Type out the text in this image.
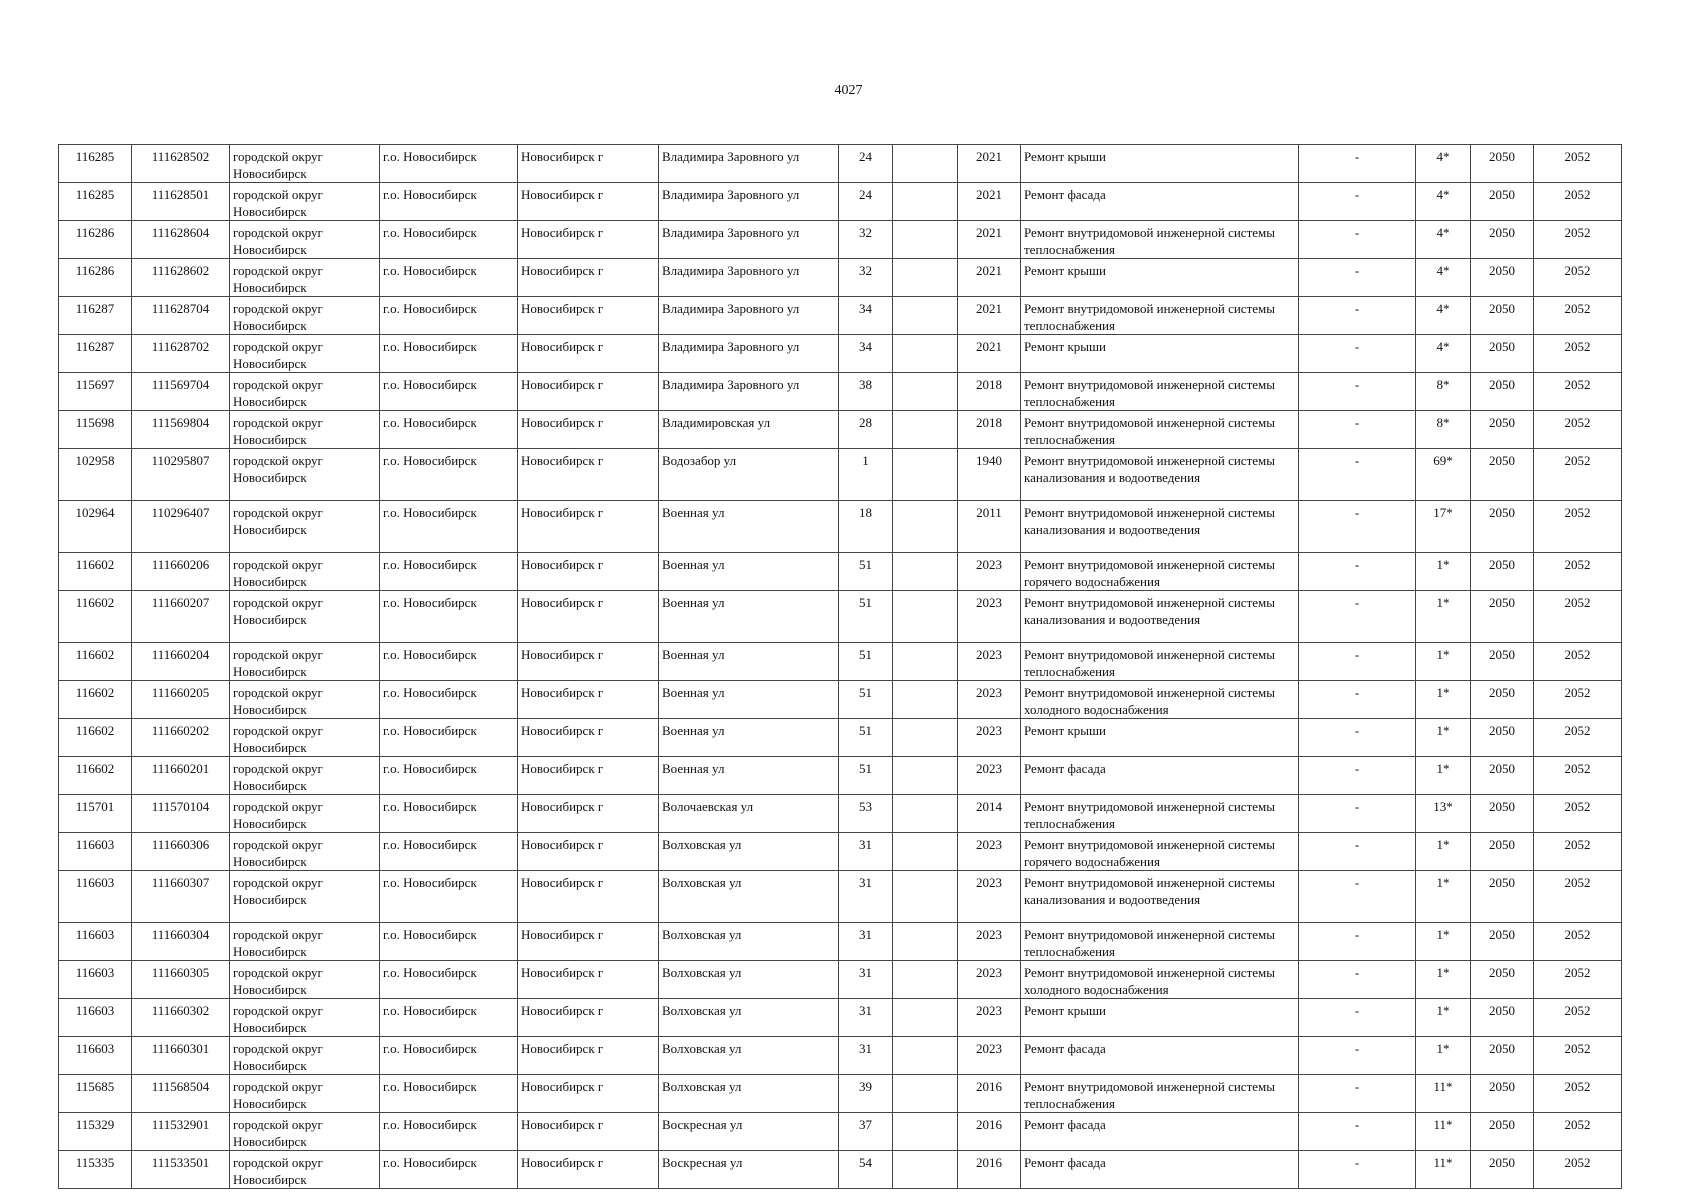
4027
116285	111628502	городской округ Новосибирск	г.о. Новосибирск	Новосибирск г	Владимира Заровного ул	24		2021	Ремонт крыши	-	4*	2050	2052
116285	111628501	городской округ Новосибирск	г.о. Новосибирск	Новосибирск г	Владимира Заровного ул	24		2021	Ремонт фасада	-	4*	2050	2052
116286	111628604	городской округ Новосибирск	г.о. Новосибирск	Новосибирск г	Владимира Заровного ул	32		2021	Ремонт внутридомовой инженерной системы теплоснабжения	-	4*	2050	2052
116286	111628602	городской округ Новосибирск	г.о. Новосибирск	Новосибирск г	Владимира Заровного ул	32		2021	Ремонт крыши	-	4*	2050	2052
116287	111628704	городской округ Новосибирск	г.о. Новосибирск	Новосибирск г	Владимира Заровного ул	34		2021	Ремонт внутридомовой инженерной системы теплоснабжения	-	4*	2050	2052
116287	111628702	городской округ Новосибирск	г.о. Новосибирск	Новосибирск г	Владимира Заровного ул	34		2021	Ремонт крыши	-	4*	2050	2052
115697	111569704	городской округ Новосибирск	г.о. Новосибирск	Новосибирск г	Владимира Заровного ул	38		2018	Ремонт внутридомовой инженерной системы теплоснабжения	-	8*	2050	2052
115698	111569804	городской округ Новосибирск	г.о. Новосибирск	Новосибирск г	Владимировская ул	28		2018	Ремонт внутридомовой инженерной системы теплоснабжения	-	8*	2050	2052
102958	110295807	городской округ Новосибирск	г.о. Новосибирск	Новосибирск г	Водозабор ул	1		1940	Ремонт внутридомовой инженерной системы канализования и водоотведения	-	69*	2050	2052
102964	110296407	городской округ Новосибирск	г.о. Новосибирск	Новосибирск г	Военная ул	18		2011	Ремонт внутридомовой инженерной системы канализования и водоотведения	-	17*	2050	2052
116602	111660206	городской округ Новосибирск	г.о. Новосибирск	Новосибирск г	Военная ул	51		2023	Ремонт внутридомовой инженерной системы горячего водоснабжения	-	1*	2050	2052
116602	111660207	городской округ Новосибирск	г.о. Новосибирск	Новосибирск г	Военная ул	51		2023	Ремонт внутридомовой инженерной системы канализования и водоотведения	-	1*	2050	2052
116602	111660204	городской округ Новосибирск	г.о. Новосибирск	Новосибирск г	Военная ул	51		2023	Ремонт внутридомовой инженерной системы теплоснабжения	-	1*	2050	2052
116602	111660205	городской округ Новосибирск	г.о. Новосибирск	Новосибирск г	Военная ул	51		2023	Ремонт внутридомовой инженерной системы холодного водоснабжения	-	1*	2050	2052
116602	111660202	городской округ Новосибирск	г.о. Новосибирск	Новосибирск г	Военная ул	51		2023	Ремонт крыши	-	1*	2050	2052
116602	111660201	городской округ Новосибирск	г.о. Новосибирск	Новосибирск г	Военная ул	51		2023	Ремонт фасада	-	1*	2050	2052
115701	111570104	городской округ Новосибирск	г.о. Новосибирск	Новосибирск г	Волочаевская ул	53		2014	Ремонт внутридомовой инженерной системы теплоснабжения	-	13*	2050	2052
116603	111660306	городской округ Новосибирск	г.о. Новосибирск	Новосибирск г	Волховская ул	31		2023	Ремонт внутридомовой инженерной системы горячего водоснабжения	-	1*	2050	2052
116603	111660307	городской округ Новосибирск	г.о. Новосибирск	Новосибирск г	Волховская ул	31		2023	Ремонт внутридомовой инженерной системы канализования и водоотведения	-	1*	2050	2052
116603	111660304	городской округ Новосибирск	г.о. Новосибирск	Новосибирск г	Волховская ул	31		2023	Ремонт внутридомовой инженерной системы теплоснабжения	-	1*	2050	2052
116603	111660305	городской округ Новосибирск	г.о. Новосибирск	Новосибирск г	Волховская ул	31		2023	Ремонт внутридомовой инженерной системы холодного водоснабжения	-	1*	2050	2052
116603	111660302	городской округ Новосибирск	г.о. Новосибирск	Новосибирск г	Волховская ул	31		2023	Ремонт крыши	-	1*	2050	2052
116603	111660301	городской округ Новосибирск	г.о. Новосибирск	Новосибирск г	Волховская ул	31		2023	Ремонт фасада	-	1*	2050	2052
115685	111568504	городской округ Новосибирск	г.о. Новосибирск	Новосибирск г	Волховская ул	39		2016	Ремонт внутридомовой инженерной системы теплоснабжения	-	11*	2050	2052
115329	111532901	городской округ Новосибирск	г.о. Новосибирск	Новосибирск г	Воскресная ул	37		2016	Ремонт фасада	-	11*	2050	2052
115335	111533501	городской округ Новосибирск	г.о. Новосибирск	Новосибирск г	Воскресная ул	54		2016	Ремонт фасада	-	11*	2050	2052
